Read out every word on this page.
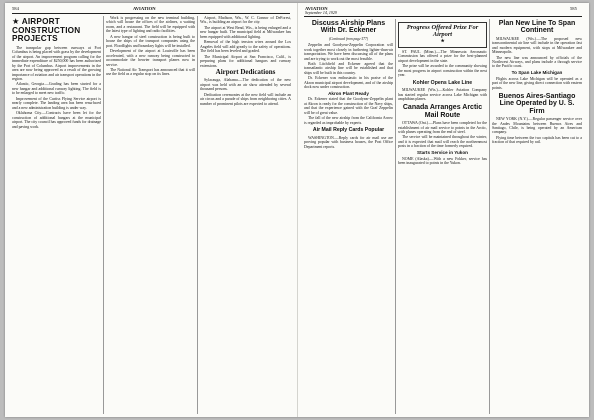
584	AVIATION
★ AIRPORT CONSTRUCTION PROJECTS

The transpolar gap between runways at Fort Columbus is being placed with grass by the development of the airport. An improvement program calling for the immediate expenditure of $250,000 has been authorized by the Port of Columbus. Airport improvements in the area are now being approved as a result of the growing importance of aviation and air transport operations in the region.

Atlantic, Georgia.—Grading has been started for a new hangar and additional runway lighting. The field is to be enlarged to meet new traffic.

Improvement of the Curtiss Flying Service airport is nearly complete. The landing area has been resurfaced and a new administration building is under way.

Oklahoma City.—Contracts have been let for the construction of additional hangars at the municipal airport. The city council has approved funds for drainage and paving work.

Work is progressing on the new terminal building, which will house the offices of the airlines, a waiting room, and a restaurant. The field will be equipped with the latest type of lighting and radio facilities.

A new hangar of steel construction is being built to house the ships of the transport companies using the port. Floodlights and boundary lights will be installed.

Development of the airport at Louisville has been accelerated, with a new runway being constructed to accommodate the heavier transport planes now in service.

The National Air Transport has announced that it will use the field as a regular stop on its lines.

Airport, Madison, Wis., W. C. Connor of DeForest, Wis., is building an airport for the city.

The airport at West Bend, Wis., is being enlarged and a new hangar built. The municipal field at Milwaukee has been equipped with additional lighting.

Removal of the high tension wires around the Los Angeles field will add greatly to the safety of operations. The field has been leveled and graded.

The Municipal Airport at San Francisco, Calif., is preparing plans for additional hangars and runway extensions.

Airport Dedications

Sylacauga, Alabama.—The dedication of the new airport was held with an air show attended by several thousand persons.

Dedication ceremonies at the new field will include an air circus and a parade of ships from neighboring cities. A number of prominent pilots are expected to attend.

AVIATION
September 14, 1929
585
Discuss Airship Plans With Dr. Eckener
(Continued from page 577)

Zeppelin and Goodyear-Zeppelin Corporation will work together most closely in furthering lighter-than-air transportation. We have been discussing all of the plans and are trying to work out the most feasible.

Both Litchfield and Eckener agreed that the transatlantic airship line will be established and that ships will be built in this country.

Dr. Eckener was enthusiastic in his praise of the Akron municipal airport development, and of the airship dock now under construction.

Akron Plant Ready

Dr. Eckener stated that the Goodyear-Zeppelin plant at Akron is ready for the construction of the Navy ships, and that the experience gained with the Graf Zeppelin will be of great value.

The fall of the new airship from the California Arrow is regarded as improbable by experts.

Air Mail Reply Cards Popular

WASHINGTON.—Reply cards for air mail use are proving popular with business houses, the Post Office Department reports.

Progress Offered Prize For Airport
★

ST. PAUL (Minn.).—The Minnesota Aeronautic Commission has offered a prize for the best-planned airport development in the state.

The prize will be awarded to the community showing the most progress in airport construction within the next year.

Kohler Opens Lake Line

MILWAUKEE (Wis.).—Kohler Aviation Company has started regular service across Lake Michigan with amphibian planes.

Canada Arranges Arctic Mail Route

OTTAWA (Ont.).—Plans have been completed for the establishment of air mail service to points in the Arctic, with planes operating from the end of steel.

The service will be maintained throughout the winter, and it is expected that mail will reach the northernmost posts in a fraction of the time formerly required.

Starts Service in Yukon

NOME (Alaska).—With a new Fokker, service has been inaugurated to points in the Yukon.

Plan New Line To Span Continent

MILWAUKEE (Wis.).—The proposed new transcontinental air line will include in the operation fast and modern equipment, with stops at Milwaukee and Minneapolis.

The new line was announced by officials of the Northwest Airways, and plans include a through service to the Pacific coast.

To Span Lake Michigan

Flights across Lake Michigan will be operated as a part of the new line, giving direct connection with eastern points.

Buenos Aires-Santiago Line Operated by U. S. Firm

NEW YORK (N.Y.).—Regular passenger service over the Andes Mountains between Buenos Aires and Santiago, Chile, is being operated by an American company.

Flying time between the two capitals has been cut to a fraction of that required by rail.
